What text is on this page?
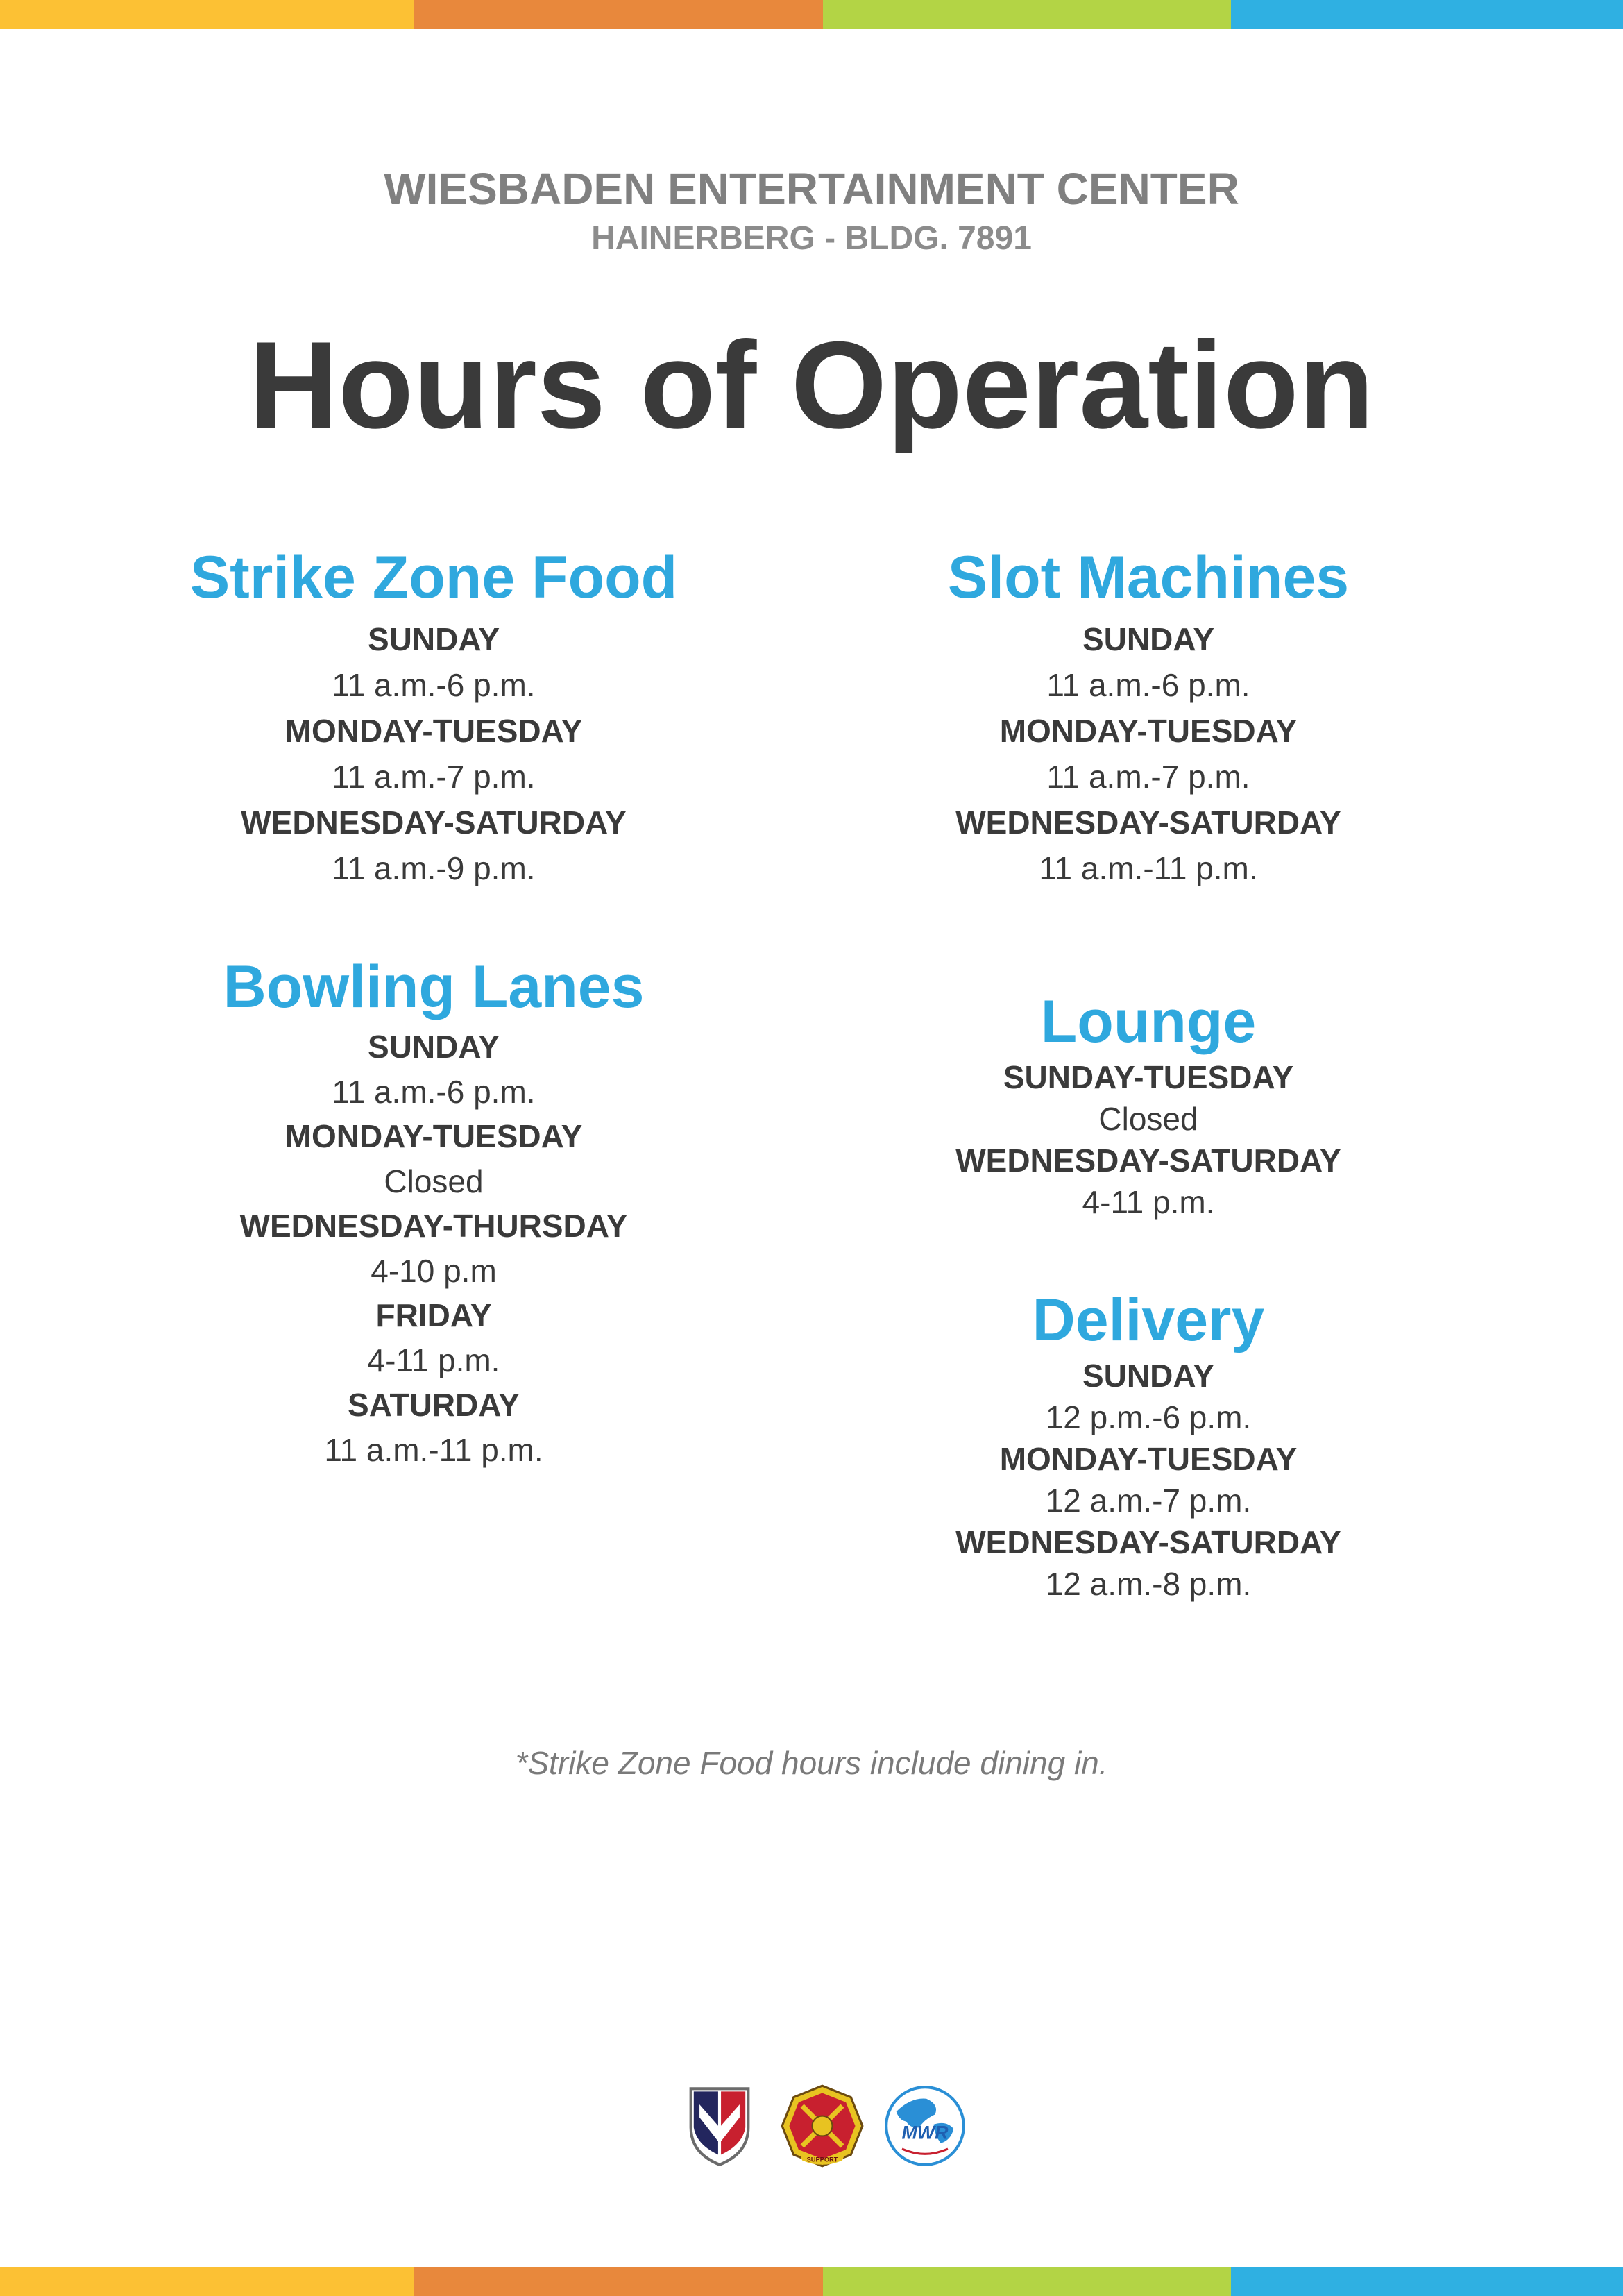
WIESBADEN ENTERTAINMENT CENTER
HAINERBERG - BLDG. 7891
Hours of Operation
Strike Zone Food

SUNDAY

11 a.m.-6 p.m.

MONDAY-TUESDAY

11 a.m.-7 p.m.

WEDNESDAY-SATURDAY

11 a.m.-9 p.m.

Slot Machines

SUNDAY

11 a.m.-6 p.m.

MONDAY-TUESDAY

11 a.m.-7 p.m.

WEDNESDAY-SATURDAY

11 a.m.-11 p.m.

Bowling Lanes

SUNDAY

11 a.m.-6 p.m.

MONDAY-TUESDAY

Closed

WEDNESDAY-THURSDAY

4-10 p.m

FRIDAY

4-11 p.m.

SATURDAY

11 a.m.-11 p.m.

Lounge

SUNDAY-TUESDAY

Closed

WEDNESDAY-SATURDAY

4-11 p.m.

Delivery

SUNDAY

12 p.m.-6 p.m.

MONDAY-TUESDAY

12 a.m.-7 p.m.

WEDNESDAY-SATURDAY

12 a.m.-8 p.m.

*Strike Zone Food hours include dining in.
SUPPORT
MWR
